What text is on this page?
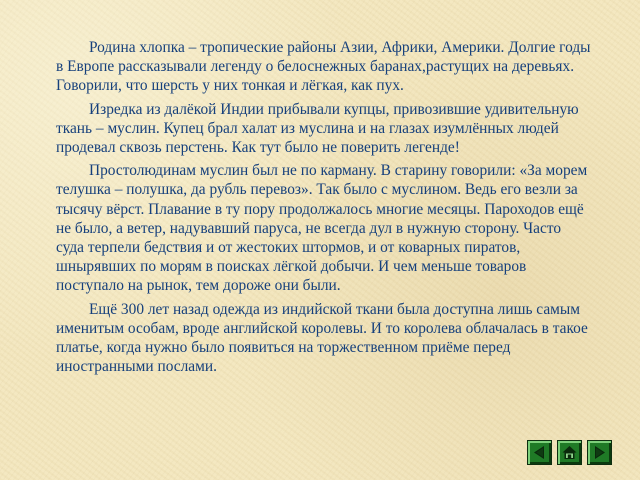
Родина хлопка – тропические районы Азии, Африки, Америки. Долгие годы в Европе рассказывали легенду о белоснежных баранах,растущих на деревьях. Говорили, что шерсть у них тонкая и лёгкая, как пух.

Изредка из далёкой Индии прибывали купцы, привозившие удивительную ткань – муслин. Купец брал халат из муслина и на глазах изумлённых людей продевал сквозь перстень. Как тут было не поверить легенде!

Простолюдинам муслин был не по карману. В старину говорили: «За морем телушка – полушка, да рубль перевоз». Так было с муслином. Ведь его везли за тысячу вёрст. Плавание в ту пору продолжалось многие месяцы. Пароходов ещё не было, а ветер, надувавший паруса, не всегда дул в нужную сторону. Часто суда терпели бедствия и от жестоких штормов, и от коварных пиратов, шнырявших по морям в поисках лёгкой добычи. И чем меньше товаров поступало на рынок, тем дороже они были.

Ещё 300 лет назад одежда из индийской ткани была доступна лишь самым именитым особам, вроде английской королевы. И то королева облачалась в такое платье, когда нужно было появиться на торжественном приёме перед иностранными послами.
